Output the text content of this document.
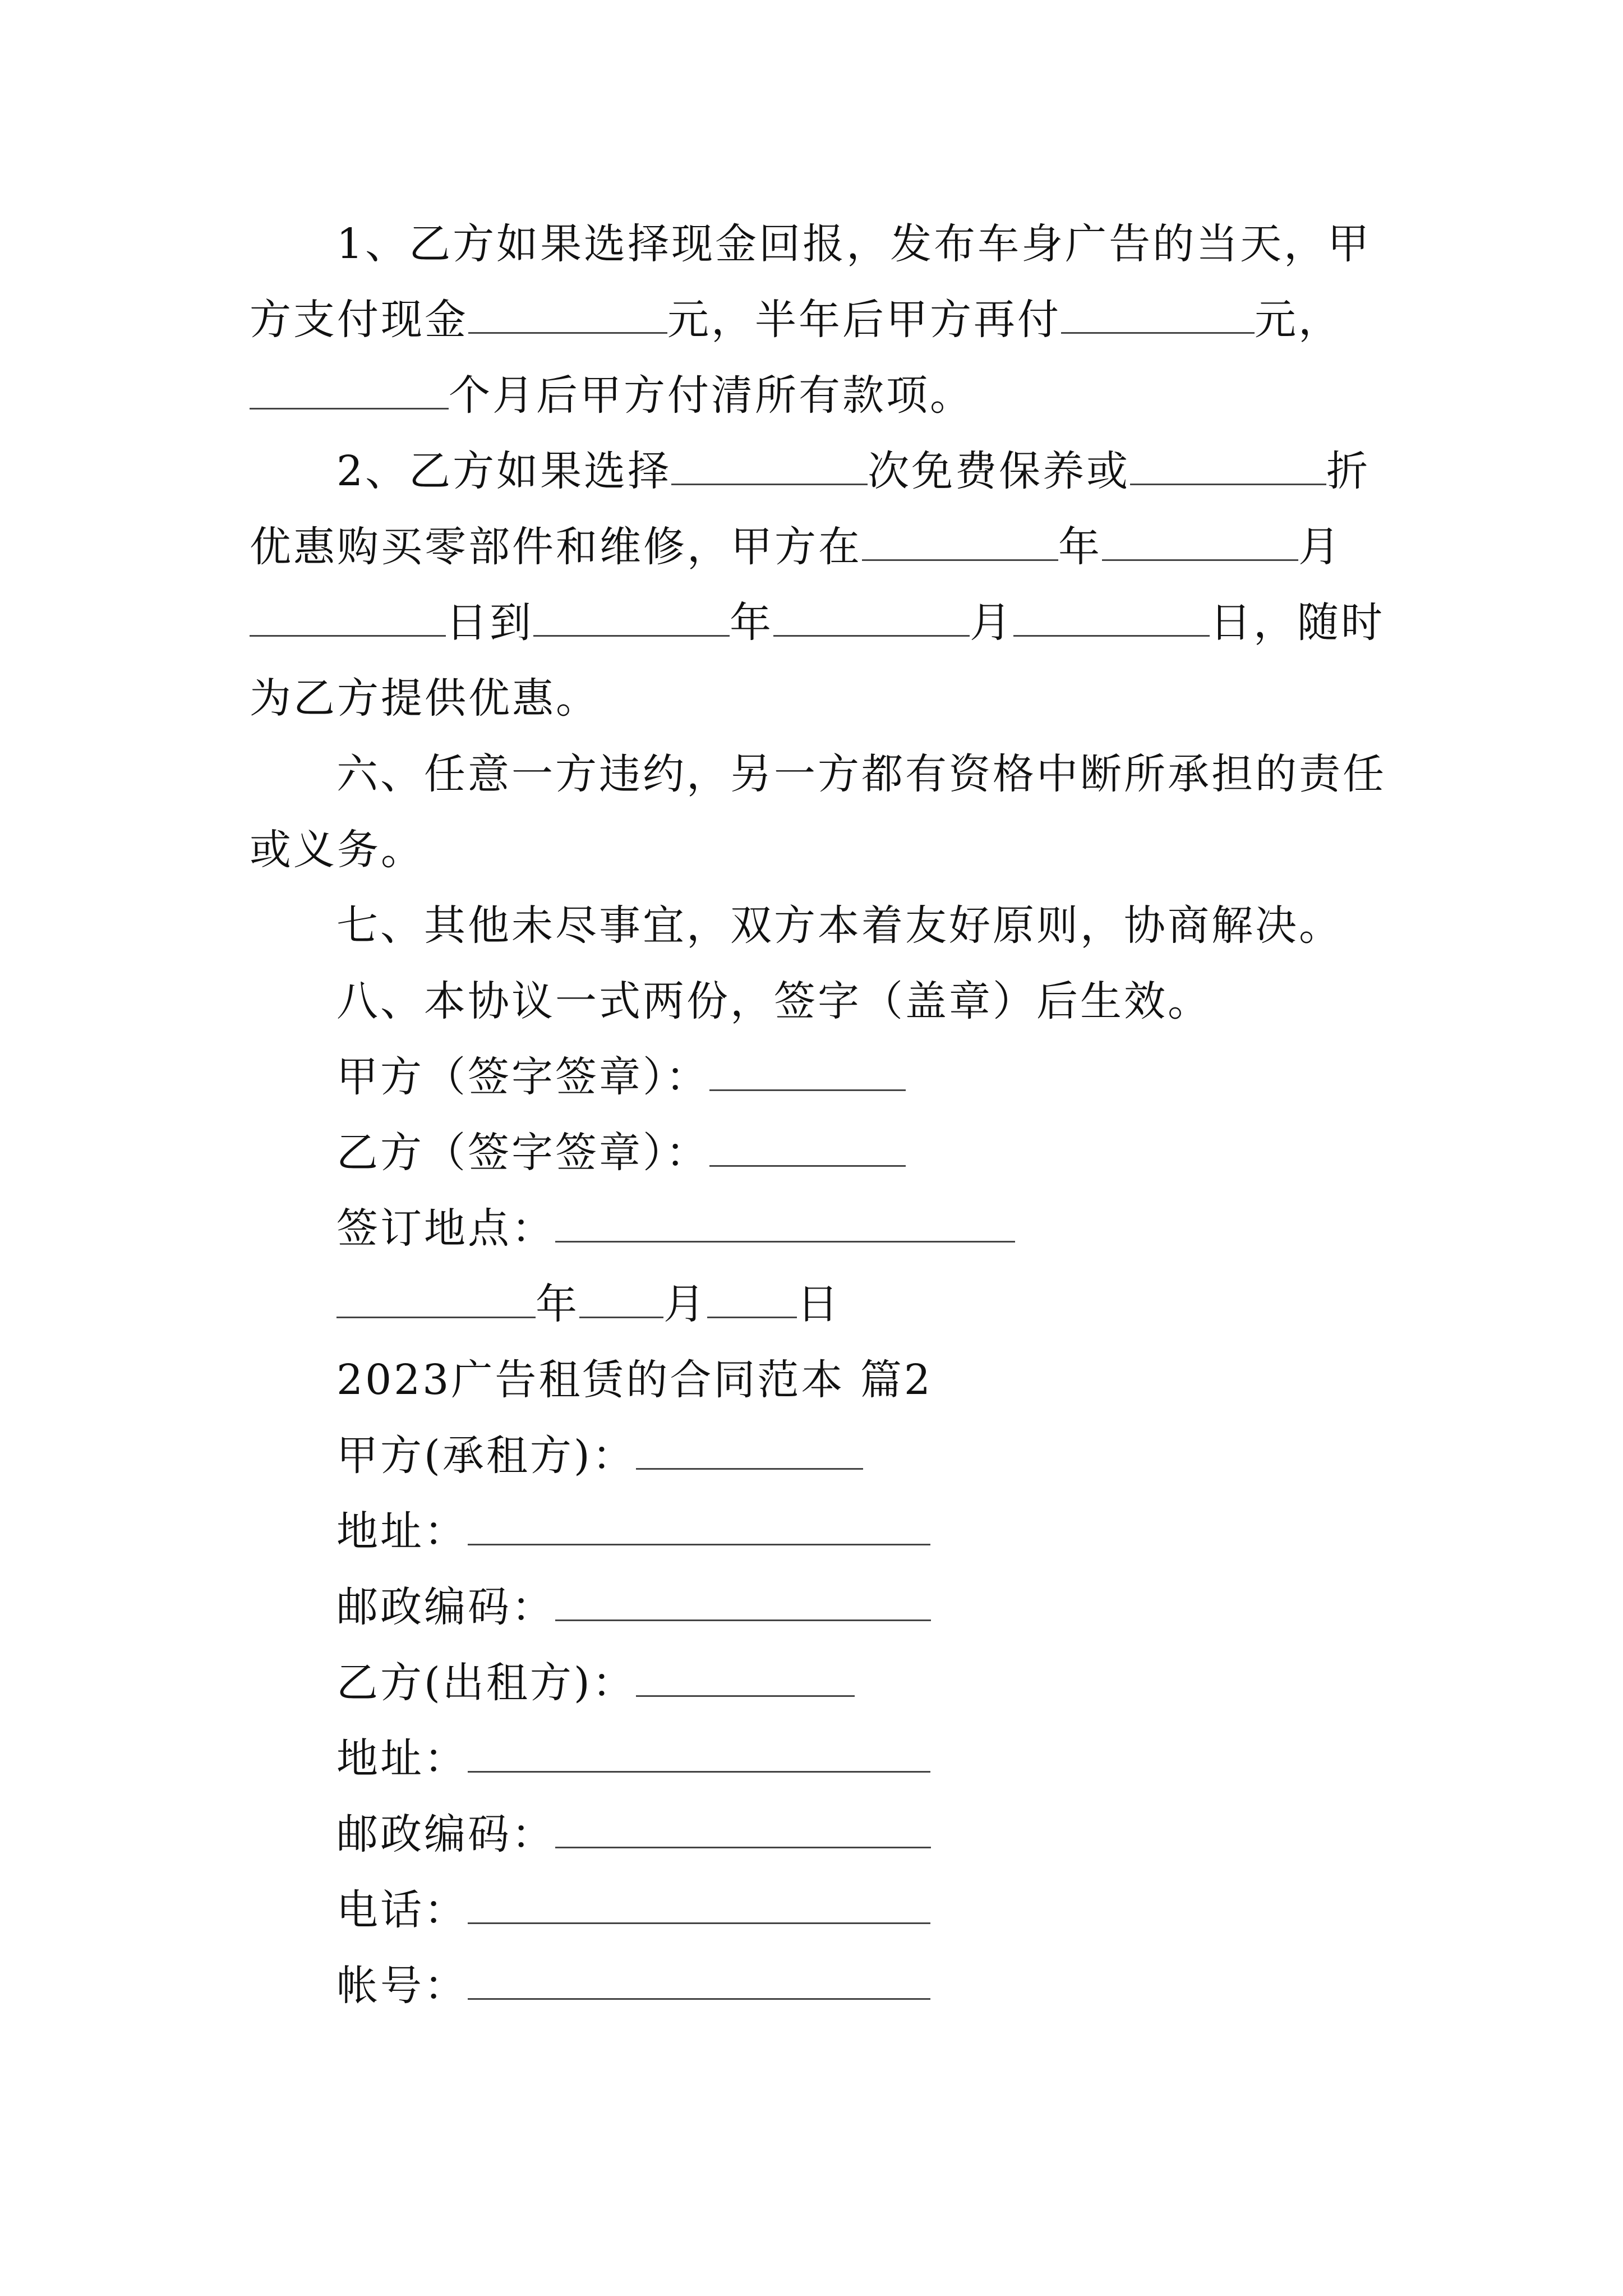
1、乙方如果选择现金回报，发布车身广告的当天，甲
方支付现金	元，半年后甲方再付	元，
个月后甲方付清所有款项。
2、乙方如果选择	次免费保养或	折
优惠购买零部件和维修，甲方在	年	月
日到	年	月	日，随时
为乙方提供优惠。
六、任意一方违约，另一方都有资格中断所承担的责任
或义务。
七、其他未尽事宜，双方本着友好原则，协商解决。
八、本协议一式两份，签字（盖章）后生效。
甲方（签字签章）：
乙方（签字签章）：
签订地点：
年 月 日
2023广告租赁的合同范本 篇2
甲方(承租方)：
地址：
邮政编码：
乙方(出租方)：
地址：
邮政编码：
电话：
帐号：
